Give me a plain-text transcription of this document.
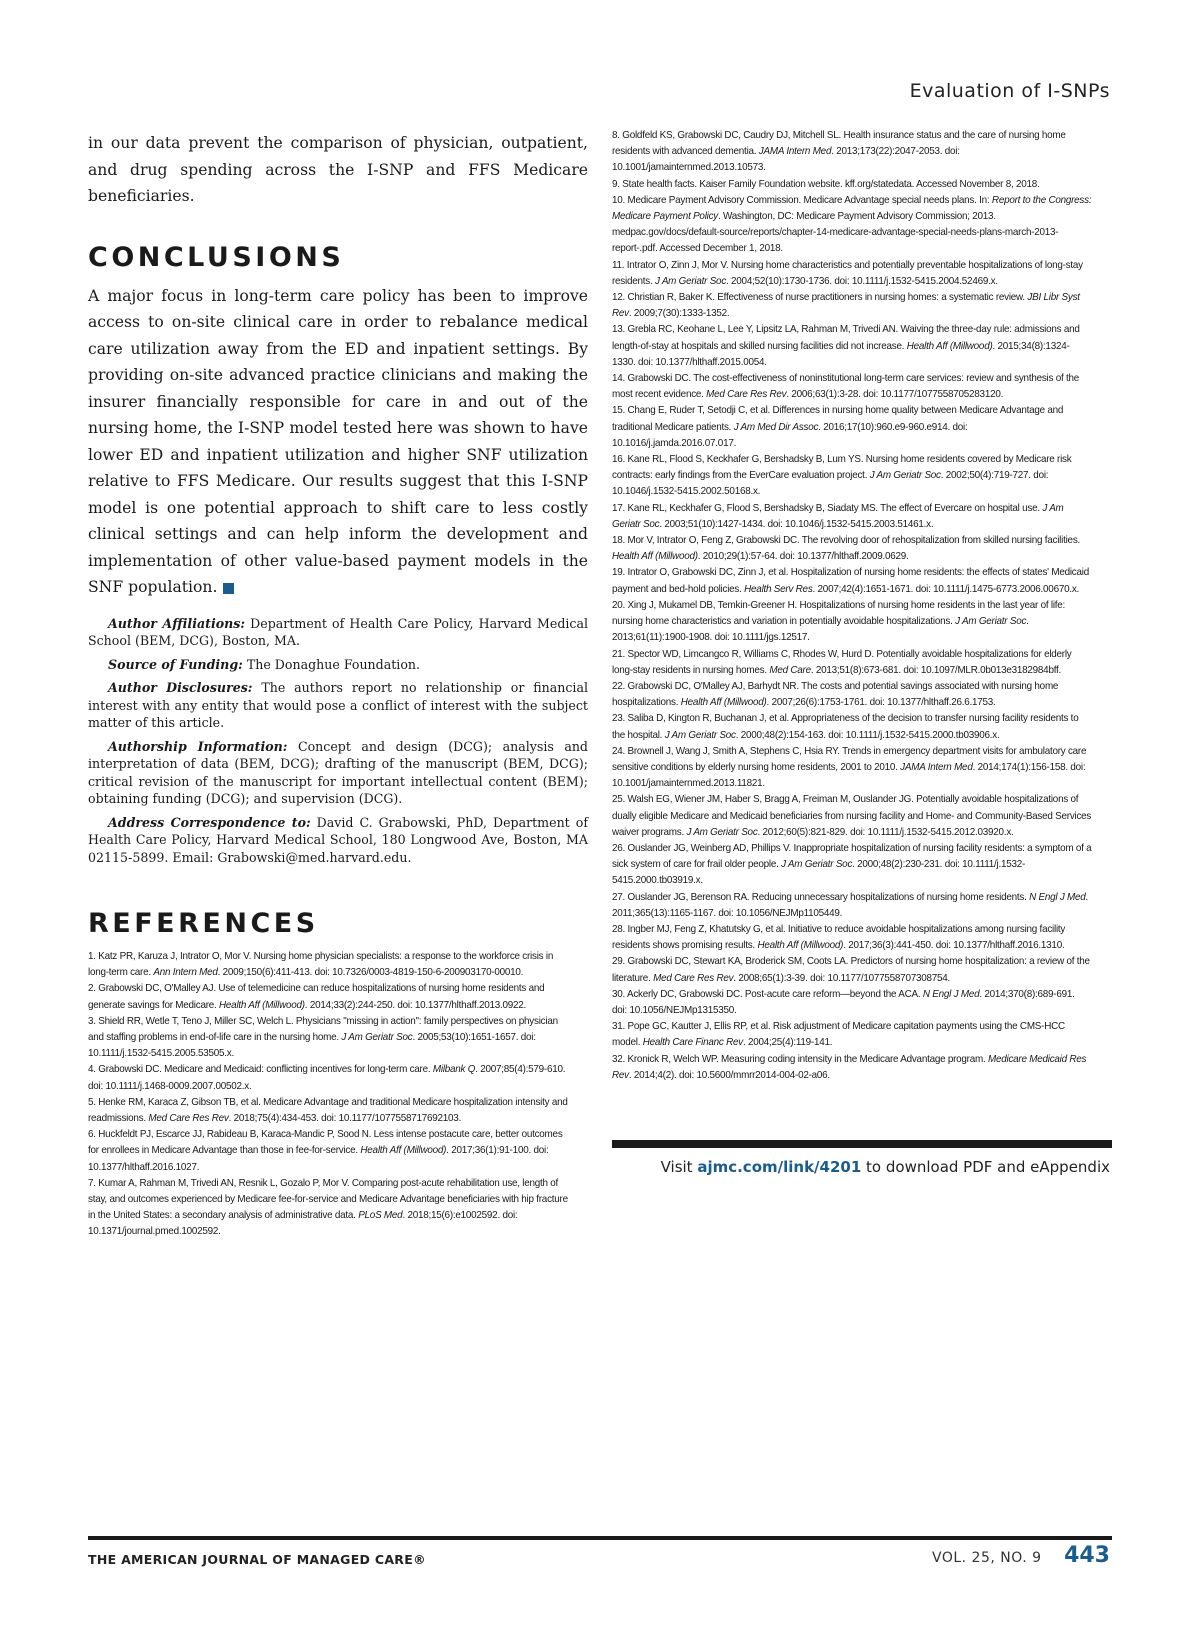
Evaluation of I-SNPs

in our data prevent the comparison of physician, outpatient, and drug spending across the I-SNP and FFS Medicare beneficiaries.

CONCLUSIONS

A major focus in long-term care policy has been to improve access to on-site clinical care in order to rebalance medical care utilization away from the ED and inpatient settings. By providing on-site advanced practice clinicians and making the insurer financially responsible for care in and out of the nursing home, the I-SNP model tested here was shown to have lower ED and inpatient utilization and higher SNF utilization relative to FFS Medicare. Our results suggest that this I-SNP model is one potential approach to shift care to less costly clinical settings and can help inform the development and implementation of other value-based payment models in the SNF population.

Author Affiliations: Department of Health Care Policy, Harvard Medical School (BEM, DCG), Boston, MA.

Source of Funding: The Donaghue Foundation.

Author Disclosures: The authors report no relationship or financial interest with any entity that would pose a conflict of interest with the subject matter of this article.

Authorship Information: Concept and design (DCG); analysis and interpretation of data (BEM, DCG); drafting of the manuscript (BEM, DCG); critical revision of the manuscript for important intellectual content (BEM); obtaining funding (DCG); and supervision (DCG).

Address Correspondence to: David C. Grabowski, PhD, Department of Health Care Policy, Harvard Medical School, 180 Longwood Ave, Boston, MA 02115-5899. Email: Grabowski@med.harvard.edu.

REFERENCES

1. Katz PR, Karuza J, Intrator O, Mor V. Nursing home physician specialists: a response to the workforce crisis in long-term care. Ann Intern Med. 2009;150(6):411-413. doi: 10.7326/0003-4819-150-6-200903170-00010.

2. Grabowski DC, O'Malley AJ. Use of telemedicine can reduce hospitalizations of nursing home residents and generate savings for Medicare. Health Aff (Millwood). 2014;33(2):244-250. doi: 10.1377/hlthaff.2013.0922.

3. Shield RR, Wetle T, Teno J, Miller SC, Welch L. Physicians "missing in action": family perspectives on physician and staffing problems in end-of-life care in the nursing home. J Am Geriatr Soc. 2005;53(10):1651-1657. doi: 10.1111/j.1532-5415.2005.53505.x.

4. Grabowski DC. Medicare and Medicaid: conflicting incentives for long-term care. Milbank Q. 2007;85(4):579-610. doi: 10.1111/j.1468-0009.2007.00502.x.

5. Henke RM, Karaca Z, Gibson TB, et al. Medicare Advantage and traditional Medicare hospitalization intensity and readmissions. Med Care Res Rev. 2018;75(4):434-453. doi: 10.1177/1077558717692103.

6. Huckfeldt PJ, Escarce JJ, Rabideau B, Karaca-Mandic P, Sood N. Less intense postacute care, better outcomes for enrollees in Medicare Advantage than those in fee-for-service. Health Aff (Millwood). 2017;36(1):91-100. doi: 10.1377/hlthaff.2016.1027.

7. Kumar A, Rahman M, Trivedi AN, Resnik L, Gozalo P, Mor V. Comparing post-acute rehabilitation use, length of stay, and outcomes experienced by Medicare fee-for-service and Medicare Advantage beneficiaries with hip fracture in the United States: a secondary analysis of administrative data. PLoS Med. 2018;15(6):e1002592. doi: 10.1371/journal.pmed.1002592.

8. Goldfeld KS, Grabowski DC, Caudry DJ, Mitchell SL. Health insurance status and the care of nursing home residents with advanced dementia. JAMA Intern Med. 2013;173(22):2047-2053. doi: 10.1001/jamainternmed.2013.10573.

9. State health facts. Kaiser Family Foundation website. kff.org/statedata. Accessed November 8, 2018.

10. Medicare Payment Advisory Commission. Medicare Advantage special needs plans. In: Report to the Congress: Medicare Payment Policy. Washington, DC: Medicare Payment Advisory Commission; 2013. medpac.gov/docs/default-source/reports/chapter-14-medicare-advantage-special-needs-plans-march-2013-report-.pdf. Accessed December 1, 2018.

11. Intrator O, Zinn J, Mor V. Nursing home characteristics and potentially preventable hospitalizations of long-stay residents. J Am Geriatr Soc. 2004;52(10):1730-1736. doi: 10.1111/j.1532-5415.2004.52469.x.

12. Christian R, Baker K. Effectiveness of nurse practitioners in nursing homes: a systematic review. JBI Libr Syst Rev. 2009;7(30):1333-1352.

13. Grebla RC, Keohane L, Lee Y, Lipsitz LA, Rahman M, Trivedi AN. Waiving the three-day rule: admissions and length-of-stay at hospitals and skilled nursing facilities did not increase. Health Aff (Millwood). 2015;34(8):1324-1330. doi: 10.1377/hlthaff.2015.0054.

14. Grabowski DC. The cost-effectiveness of noninstitutional long-term care services: review and synthesis of the most recent evidence. Med Care Res Rev. 2006;63(1):3-28. doi: 10.1177/1077558705283120.

15. Chang E, Ruder T, Setodji C, et al. Differences in nursing home quality between Medicare Advantage and traditional Medicare patients. J Am Med Dir Assoc. 2016;17(10):960.e9-960.e914. doi: 10.1016/j.jamda.2016.07.017.

16. Kane RL, Flood S, Keckhafer G, Bershadsky B, Lum YS. Nursing home residents covered by Medicare risk contracts: early findings from the EverCare evaluation project. J Am Geriatr Soc. 2002;50(4):719-727. doi: 10.1046/j.1532-5415.2002.50168.x.

17. Kane RL, Keckhafer G, Flood S, Bershadsky B, Siadaty MS. The effect of Evercare on hospital use. J Am Geriatr Soc. 2003;51(10):1427-1434. doi: 10.1046/j.1532-5415.2003.51461.x.

18. Mor V, Intrator O, Feng Z, Grabowski DC. The revolving door of rehospitalization from skilled nursing facilities. Health Aff (Millwood). 2010;29(1):57-64. doi: 10.1377/hlthaff.2009.0629.

19. Intrator O, Grabowski DC, Zinn J, et al. Hospitalization of nursing home residents: the effects of states' Medicaid payment and bed-hold policies. Health Serv Res. 2007;42(4):1651-1671. doi: 10.1111/j.1475-6773.2006.00670.x.

20. Xing J, Mukamel DB, Temkin-Greener H. Hospitalizations of nursing home residents in the last year of life: nursing home characteristics and variation in potentially avoidable hospitalizations. J Am Geriatr Soc. 2013;61(11):1900-1908. doi: 10.1111/jgs.12517.

21. Spector WD, Limcangco R, Williams C, Rhodes W, Hurd D. Potentially avoidable hospitalizations for elderly long-stay residents in nursing homes. Med Care. 2013;51(8):673-681. doi: 10.1097/MLR.0b013e3182984bff.

22. Grabowski DC, O'Malley AJ, Barhydt NR. The costs and potential savings associated with nursing home hospitalizations. Health Aff (Millwood). 2007;26(6):1753-1761. doi: 10.1377/hlthaff.26.6.1753.

23. Saliba D, Kington R, Buchanan J, et al. Appropriateness of the decision to transfer nursing facility residents to the hospital. J Am Geriatr Soc. 2000;48(2):154-163. doi: 10.1111/j.1532-5415.2000.tb03906.x.

24. Brownell J, Wang J, Smith A, Stephens C, Hsia RY. Trends in emergency department visits for ambulatory care sensitive conditions by elderly nursing home residents, 2001 to 2010. JAMA Intern Med. 2014;174(1):156-158. doi: 10.1001/jamainternmed.2013.11821.

25. Walsh EG, Wiener JM, Haber S, Bragg A, Freiman M, Ouslander JG. Potentially avoidable hospitalizations of dually eligible Medicare and Medicaid beneficiaries from nursing facility and Home- and Community-Based Services waiver programs. J Am Geriatr Soc. 2012;60(5):821-829. doi: 10.1111/j.1532-5415.2012.03920.x.

26. Ouslander JG, Weinberg AD, Phillips V. Inappropriate hospitalization of nursing facility residents: a symptom of a sick system of care for frail older people. J Am Geriatr Soc. 2000;48(2):230-231. doi: 10.1111/j.1532-5415.2000.tb03919.x.

27. Ouslander JG, Berenson RA. Reducing unnecessary hospitalizations of nursing home residents. N Engl J Med. 2011;365(13):1165-1167. doi: 10.1056/NEJMp1105449.

28. Ingber MJ, Feng Z, Khatutsky G, et al. Initiative to reduce avoidable hospitalizations among nursing facility residents shows promising results. Health Aff (Millwood). 2017;36(3):441-450. doi: 10.1377/hlthaff.2016.1310.

29. Grabowski DC, Stewart KA, Broderick SM, Coots LA. Predictors of nursing home hospitalization: a review of the literature. Med Care Res Rev. 2008;65(1):3-39. doi: 10.1177/1077558707308754.

30. Ackerly DC, Grabowski DC. Post-acute care reform—beyond the ACA. N Engl J Med. 2014;370(8):689-691. doi: 10.1056/NEJMp1315350.

31. Pope GC, Kautter J, Ellis RP, et al. Risk adjustment of Medicare capitation payments using the CMS-HCC model. Health Care Financ Rev. 2004;25(4):119-141.

32. Kronick R, Welch WP. Measuring coding intensity in the Medicare Advantage program. Medicare Medicaid Res Rev. 2014;4(2). doi: 10.5600/mmrr2014-004-02-a06.

Visit ajmc.com/link/4201 to download PDF and eAppendix
THE AMERICAN JOURNAL OF MANAGED CARE®	VOL. 25, NO. 9 443
